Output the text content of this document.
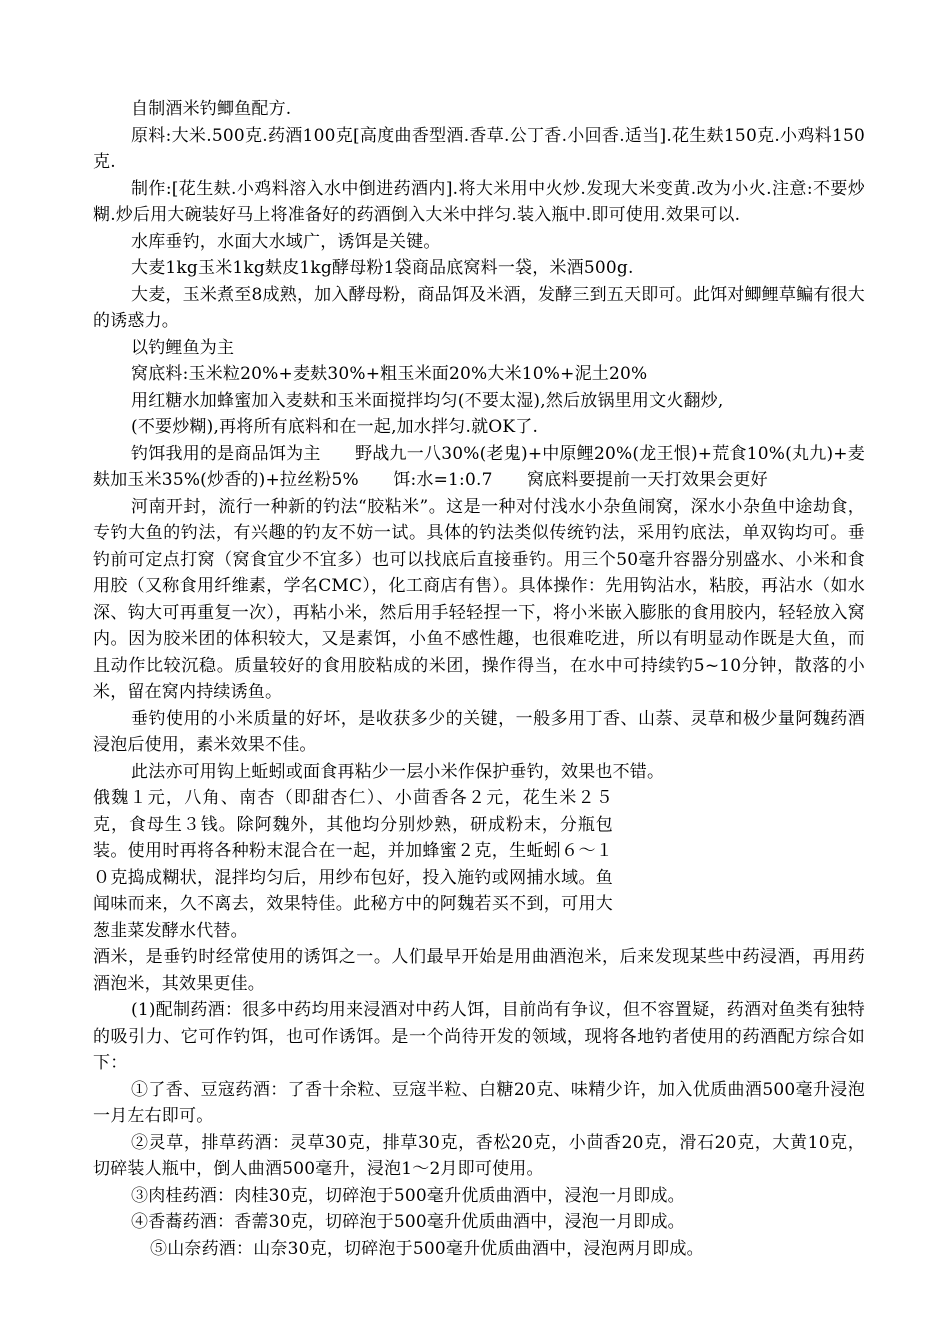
自制酒米钓鲫鱼配方.

原料:大米.500克.药酒100克[高度曲香型酒.香草.公丁香.小回香.适当].花生麸150克.小鸡料150克.

制作:[花生麸.小鸡料溶入水中倒进药酒内].将大米用中火炒.发现大米变黄.改为小火.注意:不要炒糊.炒后用大碗装好马上将准备好的药酒倒入大米中拌匀.装入瓶中.即可使用.效果可以.

水库垂钓，水面大水域广，诱饵是关键。

大麦1kg玉米1kg麸皮1kg酵母粉1袋商品底窝料一袋，米酒500g.

大麦，玉米煮至8成熟，加入酵母粉，商品饵及米酒，发酵三到五天即可。此饵对鲫鲤草鳊有很大的诱惑力。

以钓鲤鱼为主

窝底料:玉米粒20%+麦麸30%+粗玉米面20%大米10%+泥土20%

用红糖水加蜂蜜加入麦麸和玉米面搅拌均匀(不要太湿),然后放锅里用文火翻炒,

(不要炒糊),再将所有底料和在一起,加水拌匀.就OK了.

钓饵我用的是商品饵为主　　野战九一八30%(老鬼)+中原鲤20%(龙王恨)+荒食10%(丸九)+麦麸加玉米35%(炒香的)+拉丝粉5%　　饵:水=1:0.7　　窝底料要提前一天打效果会更好

河南开封，流行一种新的钓法“胶粘米”。这是一种对付浅水小杂鱼闹窝，深水小杂鱼中途劫食，专钓大鱼的钓法，有兴趣的钓友不妨一试。具体的钓法类似传统钓法，采用钓底法，单双钩均可。垂钓前可定点打窝（窝食宜少不宜多）也可以找底后直接垂钓。用三个50毫升容器分别盛水、小米和食用胶（又称食用纤维素，学名CMC），化工商店有售）。具体操作：先用钩沾水，粘胶，再沾水（如水深、钩大可再重复一次），再粘小米，然后用手轻轻捏一下，将小米嵌入膨胀的食用胶内，轻轻放入窝内。因为胶米团的体积较大，又是素饵，小鱼不感性趣，也很难吃进，所以有明显动作既是大鱼，而且动作比较沉稳。质量较好的食用胶粘成的米团，操作得当，在水中可持续钓5~10分钟，散落的小米，留在窝内持续诱鱼。

垂钓使用的小米质量的好坏，是收获多少的关键，一般多用丁香、山萘、灵草和极少量阿魏药酒浸泡后使用，素米效果不佳。

此法亦可用钩上蚯蚓或面食再粘少一层小米作保护垂钓，效果也不错。

俄魏１元，八角、南杏（即甜杏仁）、小茴香各２元，花生米２５克，食母生３钱。除阿魏外，其他均分别炒熟，研成粉末，分瓶包装。使用时再将各种粉末混合在一起，并加蜂蜜２克，生蚯蚓６～１０克捣成糊状，混拌均匀后，用纱布包好，投入施钓或网捕水域。鱼闻味而来，久不离去，效果特佳。此秘方中的阿魏若买不到，可用大葱韭菜发酵水代替。

酒米，是垂钓时经常使用的诱饵之一。人们最早开始是用曲酒泡米，后来发现某些中药浸酒，再用药酒泡米，其效果更佳。

(1)配制药酒：很多中药均用来浸酒对中药人饵，目前尚有争议，但不容置疑，药酒对鱼类有独特的吸引力、它可作钓饵，也可作诱饵。是一个尚待开发的领域，现将各地钓者使用的药酒配方综合如下：

①了香、豆寇药酒：了香十余粒、豆寇半粒、白糖20克、味精少许，加入优质曲酒500毫升浸泡一月左右即可。

②灵草，排草药酒：灵草30克，排草30克，香松20克，小茴香20克，滑石20克，大黄10克，切碎装人瓶中，倒人曲酒500毫升，浸泡1～2月即可使用。

③肉桂药酒：肉桂30克，切碎泡于500毫升优质曲酒中，浸泡一月即成。

④香蕎药酒：香薷30克，切碎泡于500毫升优质曲酒中，浸泡一月即成。

⑤山奈药酒：山奈30克，切碎泡于500毫升优质曲酒中，浸泡两月即成。
